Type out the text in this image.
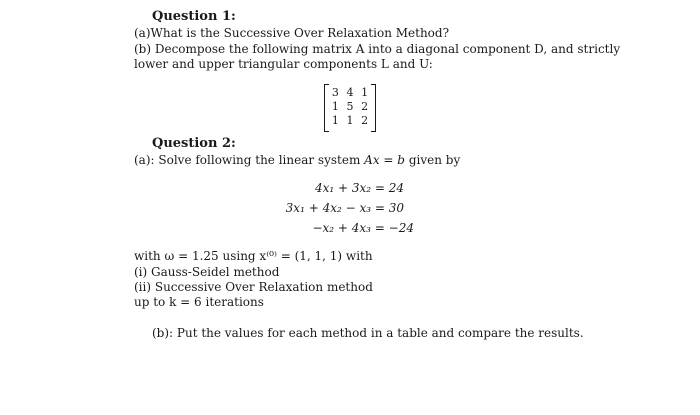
Question 1:
(a)What is the Successive Over Relaxation Method?
(b) Decompose the following matrix A into a diagonal component D, and strictly
lower and upper triangular components L and U:
3 4 1
1 5 2
1 1 2
Question 2:
(a): Solve following the linear system Ax = b given by
4x₁ + 3x₂ = 24
3x₁ + 4x₂ − x₃ = 30
−x₂ + 4x₃ = −24
with ω = 1.25 using x⁽⁰⁾ = (1, 1, 1) with
(i) Gauss-Seidel method
(ii) Successive Over Relaxation method
up to k = 6 iterations
(b): Put the values for each method in a table and compare the results.
